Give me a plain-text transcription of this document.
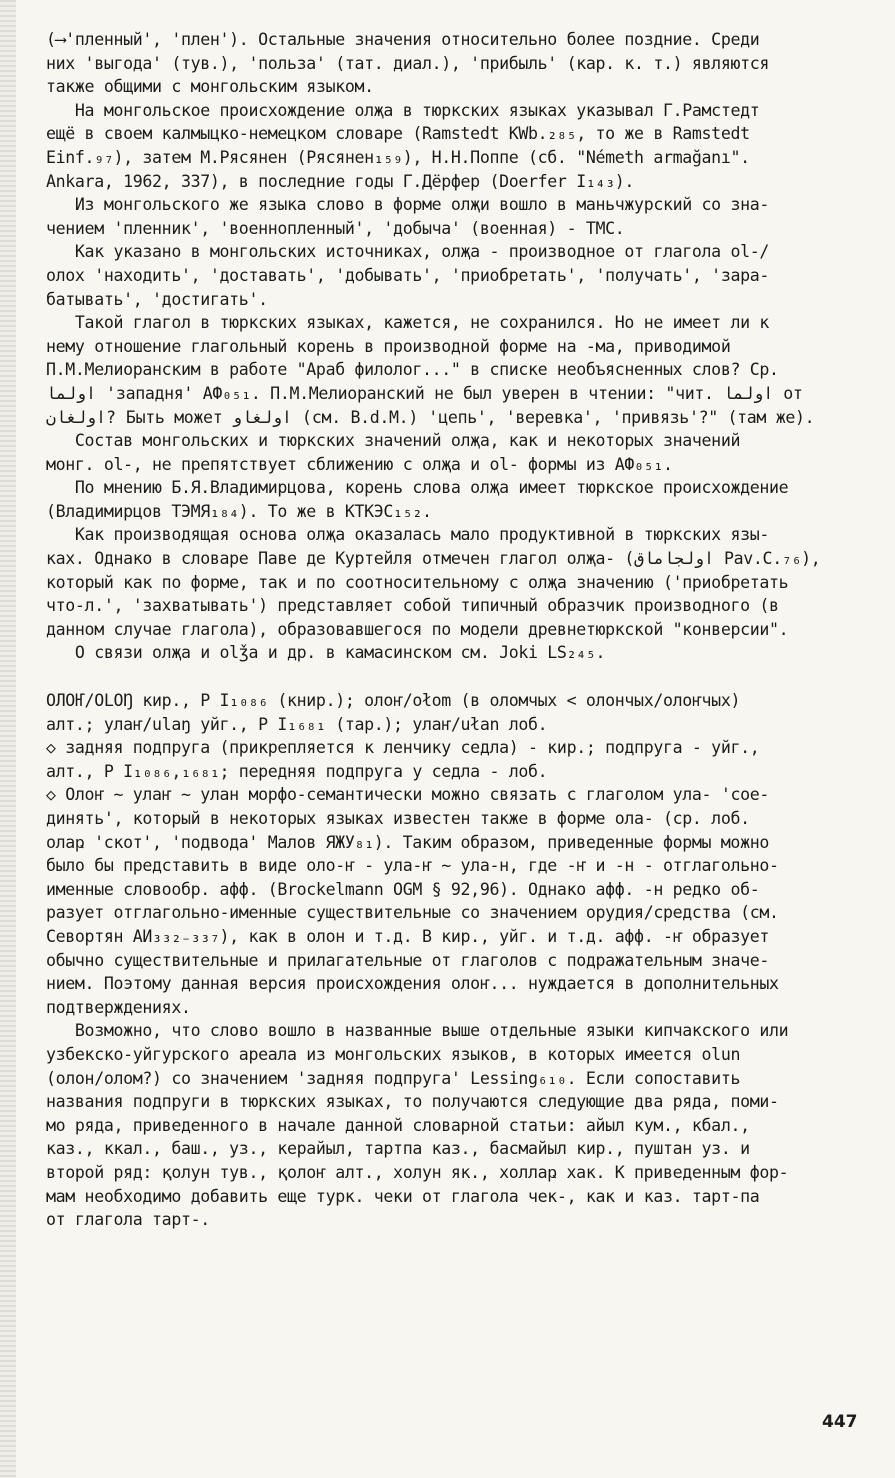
(⟶'пленный', 'плен'). Остальные значения относительно более поздние. Среди
них 'выгода' (тув.), 'польза' (тат. диал.), 'прибыль' (кар. к. т.) являются
также общими с монгольским языком.

На монгольское происхождение олҗа в тюркских языках указывал Г.Рамстедт
ещё в своем калмыцко-немецком словаре (Ramstedt KWb.₂₈₅, то же в Ramstedt
Einf.₉₇), затем М.Рясянен (Рясянен₁₅₉), Н.Н.Поппе (сб. "Németh armağanı".
Ankara, 1962, 337), в последние годы Г.Дёрфер (Doerfer I₁₄₃).

Из монгольского же языка слово в форме олҗи вошло в маньчжурский со зна-
чением 'пленник', 'военнопленный', 'добыча' (военная) - ТМС.

Как указано в монгольских источниках, олҗа - производное от глагола ol-/
олох 'находить', 'доставать', 'добывать', 'приобретать', 'получать', 'зара-
батывать', 'достигать'.

Такой глагол в тюркских языках, кажется, не сохранился. Но не имеет ли к
нему отношение глагольный корень в производной форме на -ма, приводимой
П.М.Мелиоранским в работе "Араб филолог..." в списке необъясненных слов? Ср.
اولما 'западня' АФ₀₅₁. П.М.Мелиоранский не был уверен в чтении: "чит. اولما от
اولغان? Быть может اولغاو (см. В.d.М.) 'цепь', 'веревка', 'привязь'?" (там же).

Состав монгольских и тюркских значений олҗа, как и некоторых значений
монг. ol-, не препятствует сближению с олҗа и ol- формы из АФ₀₅₁.

По мнению Б.Я.Владимирцова, корень слова олҗа имеет тюркское происхождение
(Владимирцов ТЭМЯ₁₈₄). То же в КТКЭС₁₅₂.

Как производящая основа олҗа оказалась мало продуктивной в тюркских язы-
ках. Однако в словаре Паве де Куртейля отмечен глагол олҗа- (اولجاماق Pav.C.₇₆),
который как по форме, так и по соотносительному с олҗа значению ('приобретать
что-л.', 'захватывать') представляет собой типичный образчик производного (в
данном случае глагола), образовавшегося по модели древнетюркской "конверсии".

О связи олҗа и olǯa и др. в камасинском см. Joki LS₂₄₅.

ОЛОҤ/OLOŊ кир., Р I₁₀₈₆ (книр.); олоҥ/ołom (в оломчых < олончых/олоҥчых)
алт.; улаҥ/ulaŋ уйг., Р I₁₆₈₁ (тар.); улаҥ/ułan лоб.

◇ задняя подпруга (прикрепляется к ленчику седла) - кир.; подпруга - уйг.,
алт., Р I₁₀₈₆,₁₆₈₁; передняя подпруга у седла - лоб.

◇ Олоҥ ~ улаҥ ~ улан морфо-семантически можно связать с глаголом ула- 'сое-
динять', который в некоторых языках известен также в форме ола- (ср. лоб.
олаҏ 'скот', 'подвода' Малов ЯЖУ₈₁). Таким образом, приведенные формы можно
было бы представить в виде оло-ҥ - ула-ҥ ~ ула-н, где -ҥ и -н - отглагольно-
именные словообр. афф. (Brockelmann OGM § 92,96). Однако афф. -н редко об-
разует отглагольно-именные существительные со значением орудия/средства (см.
Севортян АИ₃₃₂₋₃₃₇), как в олон и т.д. В кир., уйг. и т.д. афф. -ҥ образует
обычно существительные и прилагательные от глаголов с подражательным значе-
нием. Поэтому данная версия происхождения олоҥ... нуждается в дополнительных
подтверждениях.

Возможно, что слово вошло в названные выше отдельные языки кипчакского или
узбекско-уйгурского ареала из монгольских языков, в которых имеется olun
(олон/олом?) со значением 'задняя подпруга' Lessing₆₁₀. Если сопоставить
названия подпруги в тюркских языках, то получаются следующие два ряда, поми-
мо ряда, приведенного в начале данной словарной статьи: айыл кум., кбал.,
каз., ккал., баш., уз., керайыл, тартпа каз., басмайыл кир., пуштан уз. и
второй ряд: қолун тув., қолоҥ алт., холун як., холлаҏ хак. К приведенным фор-
мам необходимо добавить еще турк. чеки от глагола чек-, как и каз. тарт-па
от глагола тарт-.

447
